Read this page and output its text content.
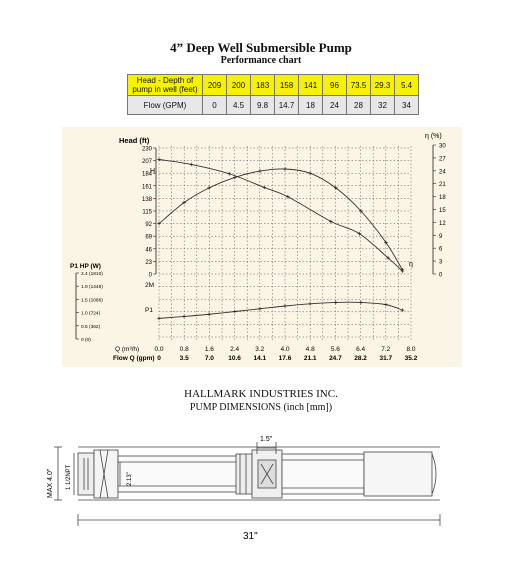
4” Deep Well Submersible Pump
Performance chart
Head - Depth of pump in well (feet)	209	200	183	158	141	96	73.5	29.3	5.4
Flow (GPM)	0	4.5	9.8	14.7	18	24	28	32	34
230
207
184
161
138
115
92
69
46
23
0
2.4 (1810)
1.9 (1448)
1.5 (1086)
1.0 (724)
0.5 (362)
0 (0)
30
27
24
21
18
15
12
9
6
3
0
0.0 0.8 1.6 2.4 3.2 4.0 4.8 5.6 6.4 7.2 8.0
0	3.5 7.0 10.6 14.1 17.6 21.1 24.7 28.2 31.7 35.2
Head (ft)
P1 HP (W)
η (%)
Q (m³/h)
Flow Q (gpm)
H
2M
P1
η
HALLMARK INDUSTRIES INC.
PUMP DIMENSIONS (inch [mm])
31"
1.5"
MAX 4.0" 1 1/2NPT	2.13"
